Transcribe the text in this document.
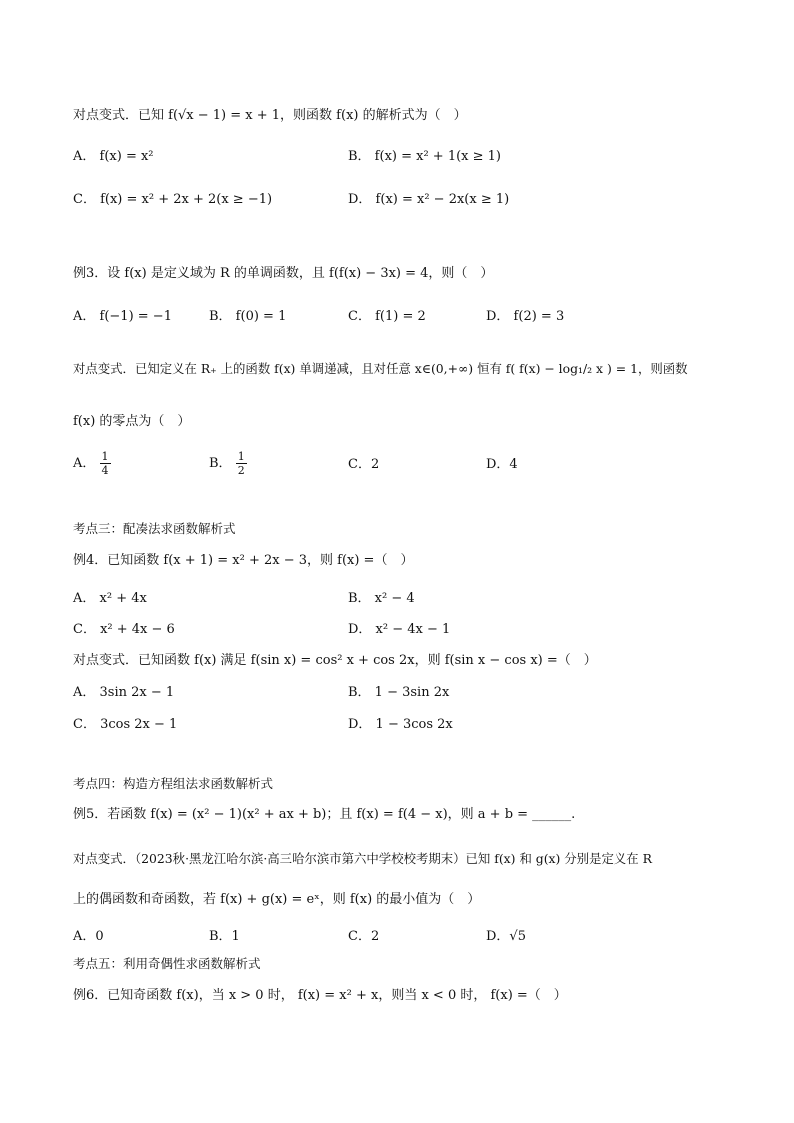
对点变式．已知 f(√x − 1) = x + 1，则函数 f(x) 的解析式为（　）
A． f(x) = x²	B． f(x) = x² + 1(x ≥ 1)
C． f(x) = x² + 2x + 2(x ≥ −1)	D． f(x) = x² − 2x(x ≥ 1)
例3．设 f(x) 是定义域为 R 的单调函数，且 f(f(x) − 3x) = 4，则（　）
A． f(−1) = −1	B． f(0) = 1	C． f(1) = 2	D． f(2) = 3
对点变式．已知定义在 R₊ 上的函数 f(x) 单调递减，且对任意 x∈(0,+∞) 恒有 f( f(x) − log₁/₂ x ) = 1，则函数
f(x) 的零点为（　）
A． $\frac{1}{4}$	B． $\frac{1}{2}$	C．2	D．4
考点三：配凑法求函数解析式
例4．已知函数 f(x + 1) = x² + 2x − 3，则 f(x) =（　）
A． x² + 4x	B． x² − 4
C． x² + 4x − 6	D． x² − 4x − 1
对点变式．已知函数 f(x) 满足 f(sin x) = cos² x + cos 2x，则 f(sin x − cos x) =（　）
A． 3sin 2x − 1	B． 1 − 3sin 2x
C． 3cos 2x − 1	D． 1 − 3cos 2x
考点四：构造方程组法求函数解析式
例5．若函数 f(x) = (x² − 1)(x² + ax + b)；且 f(x) = f(4 − x)，则 a + b = ______.
对点变式．（2023秋·黑龙江哈尔滨·高三哈尔滨市第六中学校校考期末）已知 f(x) 和 g(x) 分别是定义在 R
上的偶函数和奇函数，若 f(x) + g(x) = eˣ，则 f(x) 的最小值为（　）
A．0	B．1	C．2	D．√5
考点五：利用奇偶性求函数解析式
例6．已知奇函数 f(x)，当 x > 0 时， f(x) = x² + x，则当 x < 0 时， f(x) =（　）
